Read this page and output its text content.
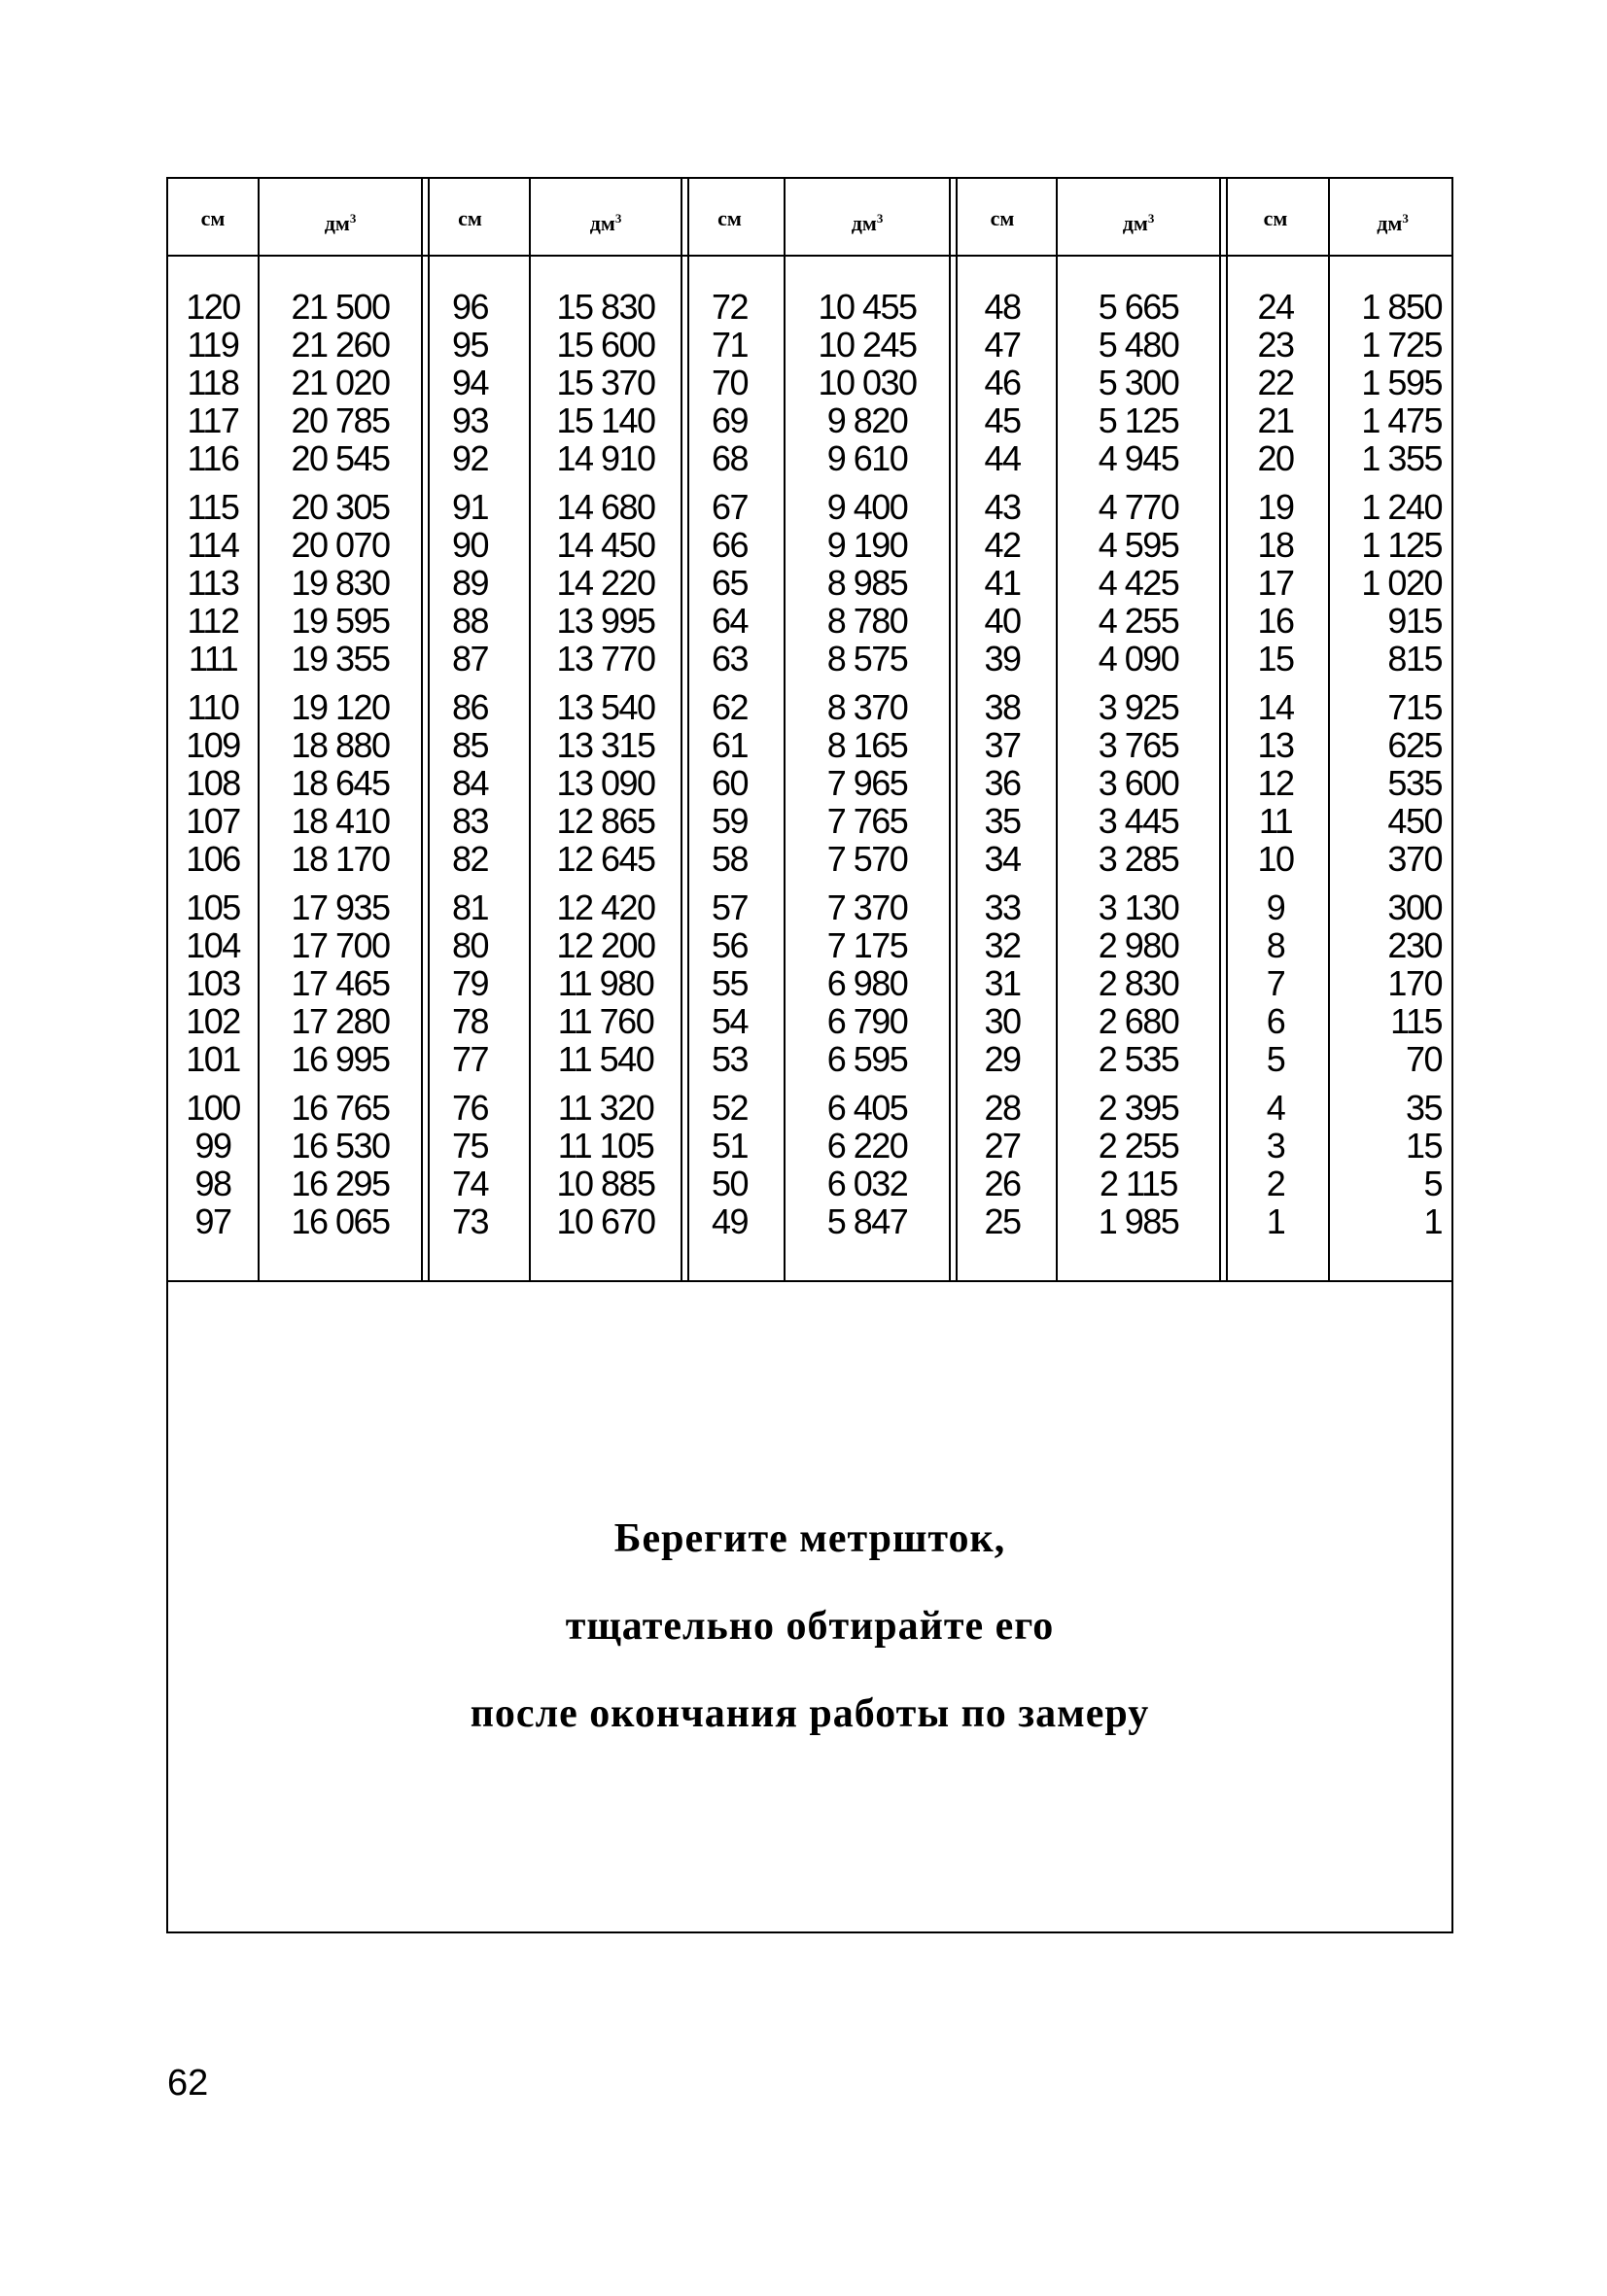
см
120
119
118
117
116
115
114
113
112
111
110
109
108
107
106
105
104
103
102
101
100
99
98
97
$дм^3$
21 500
21 260
21 020
20 785
20 545
20 305
20 070
19 830
19 595
19 355
19 120
18 880
18 645
18 410
18 170
17 935
17 700
17 465
17 280
16 995
16 765
16 530
16 295
16 065
см
96
95
94
93
92
91
90
89
88
87
86
85
84
83
82
81
80
79
78
77
76
75
74
73
$дм^3$
15 830
15 600
15 370
15 140
14 910
14 680
14 450
14 220
13 995
13 770
13 540
13 315
13 090
12 865
12 645
12 420
12 200
11 980
11 760
11 540
11 320
11 105
10 885
10 670
см
72
71
70
69
68
67
66
65
64
63
62
61
60
59
58
57
56
55
54
53
52
51
50
49
$дм^3$
10 455
10 245
10 030
9 820
9 610
9 400
9 190
8 985
8 780
8 575
8 370
8 165
7 965
7 765
7 570
7 370
7 175
6 980
6 790
6 595
6 405
6 220
6 032
5 847
см
48
47
46
45
44
43
42
41
40
39
38
37
36
35
34
33
32
31
30
29
28
27
26
25
$дм^3$
5 665
5 480
5 300
5 125
4 945
4 770
4 595
4 425
4 255
4 090
3 925
3 765
3 600
3 445
3 285
3 130
2 980
2 830
2 680
2 535
2 395
2 255
2 115
1 985
см
24
23
22
21
20
19
18
17
16
15
14
13
12
11
10
9
8
7
6
5
4
3
2
1
$дм^3$
1 850
1 725
1 595
1 475
1 355
1 240
1 125
1 020
915
815
715
625
535
450
370
300
230
170
115
70
35
15
5
1
Берегите метршток,
тщательно обтирайте его
после окончания работы по замеру
62
